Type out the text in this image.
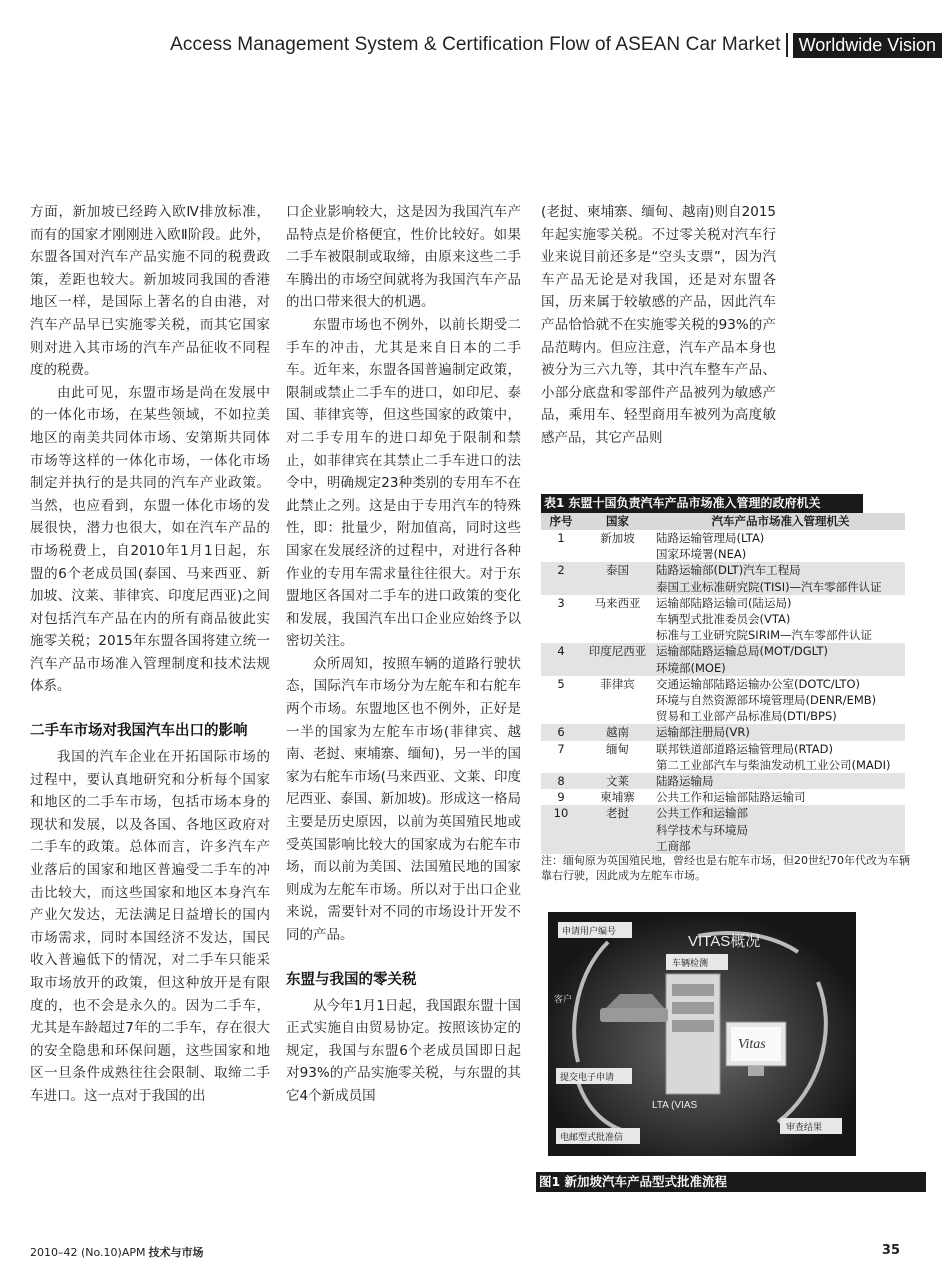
Access Management System & Certification Flow of ASEAN Car Market	Worldwide Vision

方面，新加坡已经跨入欧Ⅳ排放标准，而有的国家才刚刚进入欧Ⅱ阶段。此外，东盟各国对汽车产品实施不同的税费政策，差距也较大。新加坡同我国的香港地区一样，是国际上著名的自由港，对汽车产品早已实施零关税，而其它国家则对进入其市场的汽车产品征收不同程度的税费。

由此可见，东盟市场是尚在发展中的一体化市场，在某些领域，不如拉美地区的南美共同体市场、安第斯共同体市场等这样的一体化市场，一体化市场制定并执行的是共同的汽车产业政策。当然，也应看到，东盟一体化市场的发展很快，潜力也很大，如在汽车产品的市场税费上，自2010年1月1日起，东盟的6个老成员国(泰国、马来西亚、新加坡、汶莱、菲律宾、印度尼西亚)之间对包括汽车产品在内的所有商品彼此实施零关税；2015年东盟各国将建立统一汽车产品市场准入管理制度和技术法规体系。

二手车市场对我国汽车出口的影响

我国的汽车企业在开拓国际市场的过程中，要认真地研究和分析每个国家和地区的二手车市场，包括市场本身的现状和发展，以及各国、各地区政府对二手车的政策。总体而言，许多汽车产业落后的国家和地区普遍受二手车的冲击比较大，而这些国家和地区本身汽车产业欠发达，无法满足日益增长的国内市场需求，同时本国经济不发达，国民收入普遍低下的情况，对二手车只能采取市场放开的政策，但这种放开是有限度的，也不会是永久的。因为二手车，尤其是车龄超过7年的二手车，存在很大的安全隐患和环保问题，这些国家和地区一旦条件成熟往往会限制、取缔二手车进口。这一点对于我国的出

口企业影响较大，这是因为我国汽车产品特点是价格便宜，性价比较好。如果二手车被限制或取缔，由原来这些二手车腾出的市场空间就将为我国汽车产品的出口带来很大的机遇。

东盟市场也不例外，以前长期受二手车的冲击，尤其是来自日本的二手车。近年来，东盟各国普遍制定政策，限制或禁止二手车的进口，如印尼、泰国、菲律宾等，但这些国家的政策中，对二手专用车的进口却免于限制和禁止，如菲律宾在其禁止二手车进口的法令中，明确规定23种类别的专用车不在此禁止之列。这是由于专用汽车的特殊性，即：批量少，附加值高，同时这些国家在发展经济的过程中，对进行各种作业的专用车需求量往往很大。对于东盟地区各国对二手车的进口政策的变化和发展，我国汽车出口企业应始终予以密切关注。

众所周知，按照车辆的道路行驶状态，国际汽车市场分为左舵车和右舵车两个市场。东盟地区也不例外，正好是一半的国家为左舵车市场(菲律宾、越南、老挝、柬埔寨、缅甸)，另一半的国家为右舵车市场(马来西亚、文莱、印度尼西亚、泰国、新加坡)。形成这一格局主要是历史原因，以前为英国殖民地或受英国影响比较大的国家成为右舵车市场，而以前为美国、法国殖民地的国家则成为左舵车市场。所以对于出口企业来说，需要针对不同的市场设计开发不同的产品。

东盟与我国的零关税

从今年1月1日起，我国跟东盟十国正式实施自由贸易协定。按照该协定的规定，我国与东盟6个老成员国即日起对93%的产品实施零关税，与东盟的其它4个新成员国

(老挝、柬埔寨、缅甸、越南)则自2015年起实施零关税。不过零关税对汽车行业来说目前还多是“空头支票”，因为汽车产品无论是对我国，还是对东盟各国，历来属于较敏感的产品，因此汽车产品恰恰就不在实施零关税的93%的产品范畴内。但应注意，汽车产品本身也被分为三六九等，其中汽车整车产品、小部分底盘和零部件产品被列为敏感产品，乘用车、轻型商用车被列为高度敏感产品，其它产品则

表1 东盟十国负责汽车产品市场准入管理的政府机关
序号	国家	汽车产品市场准入管理机关
1	新加坡	陆路运输管理局(LTA)
国家环境署(NEA)
2	泰国	陆路运输部(DLT)汽车工程局
泰国工业标准研究院(TISI)—汽车零部件认证
3	马来西亚	运输部陆路运输司(陆运局)
车辆型式批准委员会(VTA)
标准与工业研究院SIRIM—汽车零部件认证
4	印度尼西亚 运输部陆路运输总局(MOT/DGLT)
环境部(MOE)
5	菲律宾	交通运输部陆路运输办公室(DOTC/LTO)
环境与自然资源部环境管理局(DENR/EMB)
贸易和工业部产品标准局(DTI/BPS)
6	越南	运输部注册局(VR)
7	缅甸	联邦铁道部道路运输管理局(RTAD)
第二工业部汽车与柴油发动机工业公司(MADI)
8	文莱	陆路运输局
9	柬埔寨	公共工作和运输部陆路运输司
10	老挝	公共工作和运输部
科学技术与环境局
工商部
注：缅甸原为英国殖民地，曾经也是右舵车市场，但20世纪70年代改为车辆靠右行驶，因此成为左舵车市场。
Vitas
申请用户编号
VITAS概况
车辆检测
客户
提交电子申请
LTA (VIAS
电邮型式批准信
审查结果
图1 新加坡汽车产品型式批准流程
2010–42 (No.10)APM 技术与市场	35
